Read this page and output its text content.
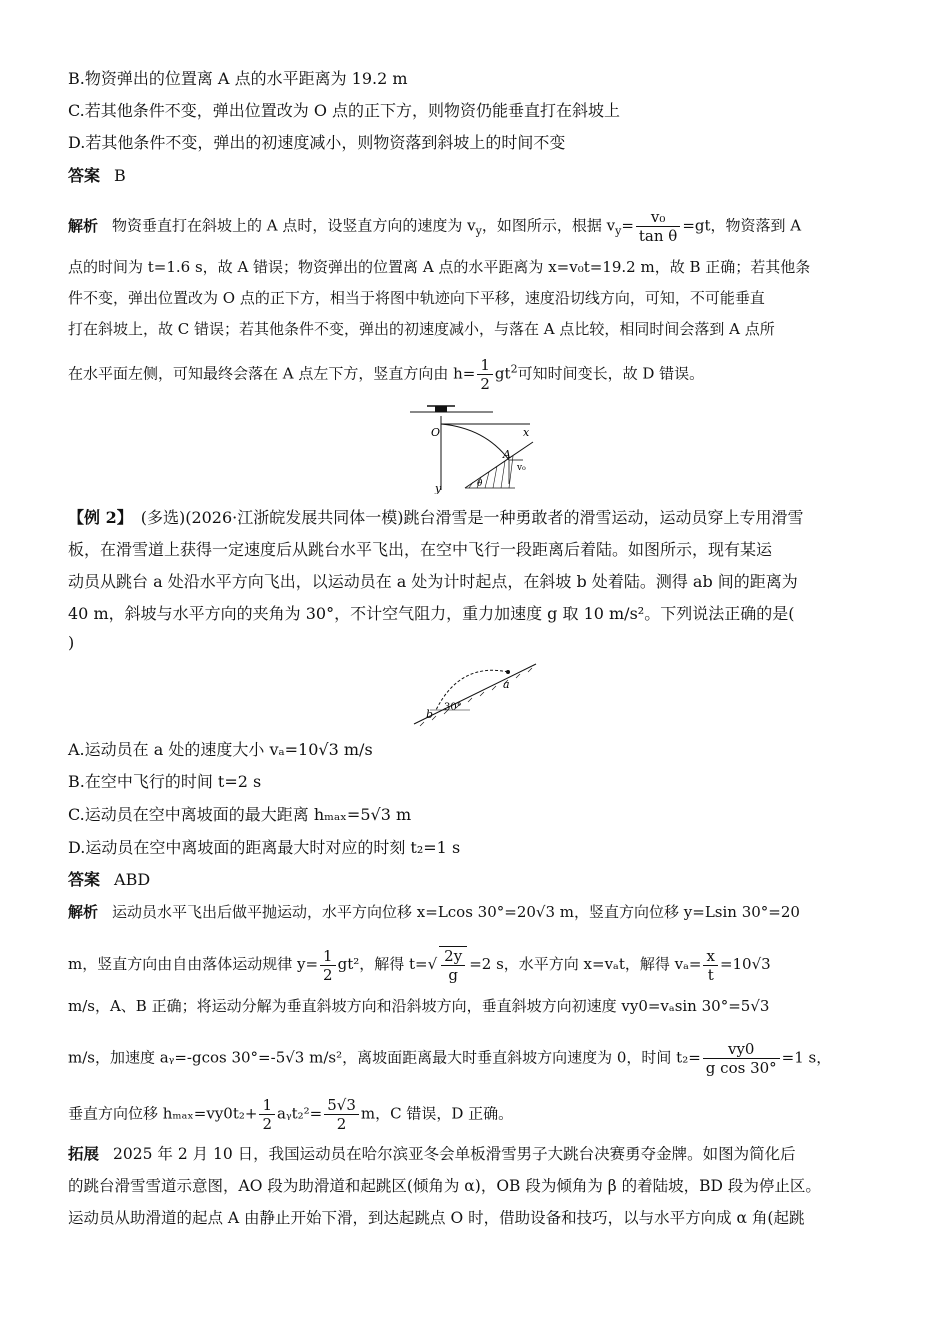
B.物资弹出的位置离 A 点的水平距离为 19.2 m
C.若其他条件不变，弹出位置改为 O 点的正下方，则物资仍能垂直打在斜坡上
D.若其他条件不变，弹出的初速度减小，则物资落到斜坡上的时间不变
答案 B
解析 物资垂直打在斜坡上的 A 点时，设竖直方向的速度为 $v_y$，如图所示，根据 $v_y= \frac{\text{v₀}}{\text{tan θ}} =gt$，物资落到 A
点的时间为 t=1.6 s，故 A 错误；物资弹出的位置离 A 点的水平距离为 x=v₀t=19.2 m，故 B 正确；若其他条
件不变，弹出位置改为 O 点的正下方，相当于将图中轨迹向下平移，速度沿切线方向，可知，不可能垂直
打在斜坡上，故 C 错误；若其他条件不变，弹出的初速度减小，与落在 A 点比较，相同时间会落到 A 点所
在水平面左侧，可知最终会落在 A 点左下方，竖直方向由 $h= \frac{1}{2} gt^2$可知时间变长，故 D 错误。
O	x
y
A
v₀
θ
【例 2】 (多选)(2026·江浙皖发展共同体一模)跳台滑雪是一种勇敢者的滑雪运动，运动员穿上专用滑雪
板，在滑雪道上获得一定速度后从跳台水平飞出，在空中飞行一段距离后着陆。如图所示，现有某运
动员从跳台 a 处沿水平方向飞出，以运动员在 a 处为计时起点，在斜坡 b 处着陆。测得 ab 间的距离为
40 m，斜坡与水平方向的夹角为 30°，不计空气阻力，重力加速度 g 取 10 m/s²。下列说法正确的是(
)
a
b
30°
A.运动员在 a 处的速度大小 vₐ=10√3 m/s
B.在空中飞行的时间 t=2 s
C.运动员在空中离坡面的最大距离 hₘₐₓ=5√3 m
D.运动员在空中离坡面的距离最大时对应的时刻 t₂=1 s
答案 ABD
解析 运动员水平飞出后做平抛运动，水平方向位移 x=Lcos 30°=20√3 m，竖直方向位移 y=Lsin 30°=20
m，竖直方向由自由落体运动规律 $y= \frac{1}{2} gt^2$，解得 $t=√ \frac{2y}{g} =2$ s，水平方向 x=vₐt，解得 $v_a= \frac{x}{t} =10√3$
m/s，A、B 正确；将运动分解为垂直斜坡方向和沿斜坡方向，垂直斜坡方向初速度 vy0=vₐsin 30°=5√3
m/s，加速度 aᵧ=-gcos 30°=-5√3 m/s²，离坡面距离最大时垂直斜坡方向速度为 0，时间 $t_2= \frac{vy0}{\text{g cos 30°}} =1$ s，
垂直方向位移 $h_{max}=vy0t_2+ \frac{1}{2}$ aᵧt₂²= $\frac{5√3}{2}$ m，C 错误，D 正确。
拓展 2025 年 2 月 10 日，我国运动员在哈尔滨亚冬会单板滑雪男子大跳台决赛勇夺金牌。如图为简化后
的跳台滑雪雪道示意图，AO 段为助滑道和起跳区(倾角为 α)，OB 段为倾角为 β 的着陆坡，BD 段为停止区。
运动员从助滑道的起点 A 由静止开始下滑，到达起跳点 O 时，借助设备和技巧，以与水平方向成 α 角(起跳
